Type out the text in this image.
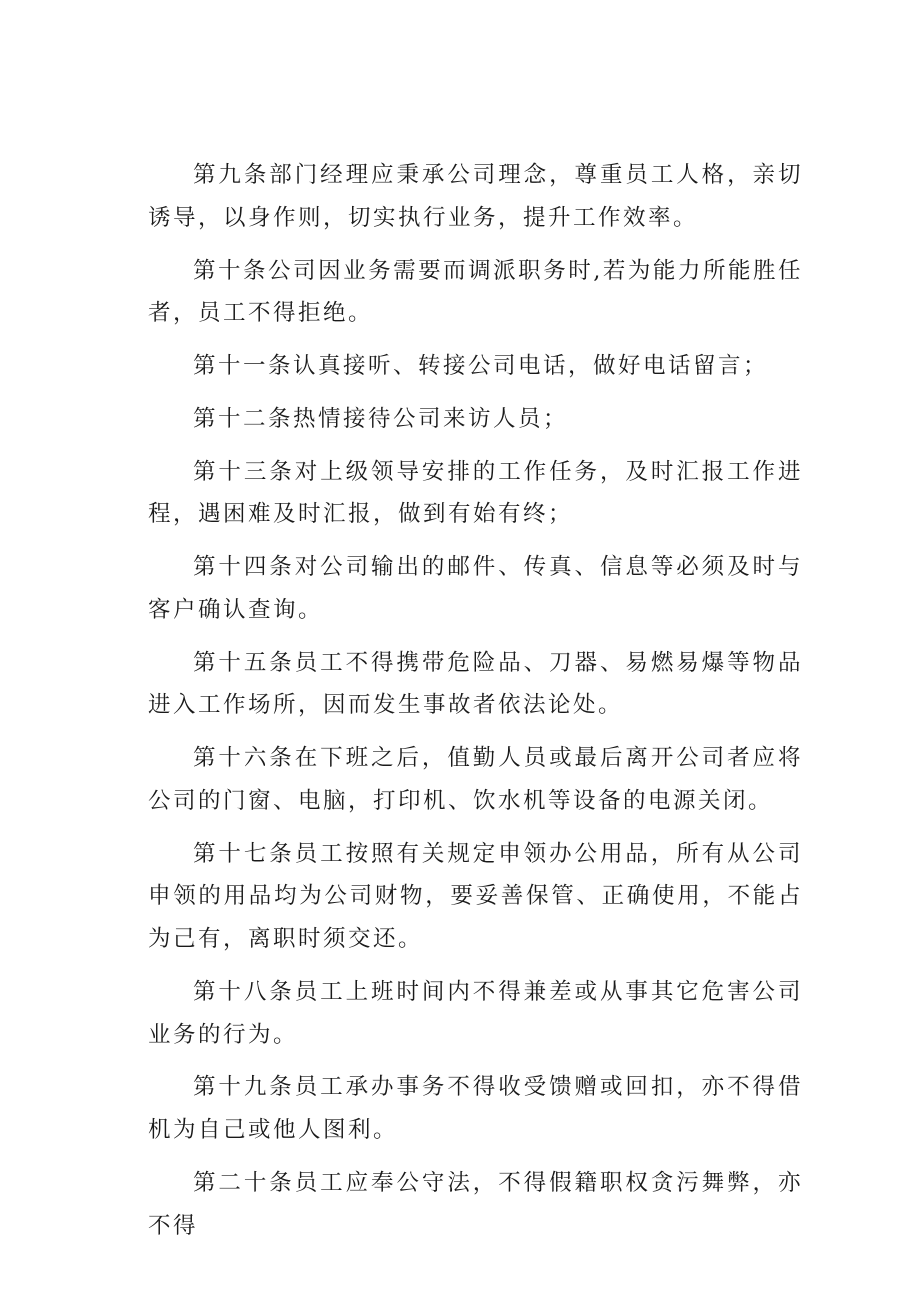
第九条部门经理应秉承公司理念，尊重员工人格，亲切诱导，以身作则，切实执行业务，提升工作效率。

第十条公司因业务需要而调派职务时,若为能力所能胜任者，员工不得拒绝。

第十一条认真接听、转接公司电话，做好电话留言；

第十二条热情接待公司来访人员；

第十三条对上级领导安排的工作任务，及时汇报工作进程，遇困难及时汇报，做到有始有终；

第十四条对公司输出的邮件、传真、信息等必须及时与客户确认查询。

第十五条员工不得携带危险品、刀器、易燃易爆等物品进入工作场所，因而发生事故者依法论处。

第十六条在下班之后，值勤人员或最后离开公司者应将公司的门窗、电脑，打印机、饮水机等设备的电源关闭。

第十七条员工按照有关规定申领办公用品，所有从公司申领的用品均为公司财物，要妥善保管、正确使用，不能占为己有，离职时须交还。

第十八条员工上班时间内不得兼差或从事其它危害公司业务的行为。

第十九条员工承办事务不得收受馈赠或回扣，亦不得借机为自己或他人图利。

第二十条员工应奉公守法，不得假籍职权贪污舞弊，亦不得
